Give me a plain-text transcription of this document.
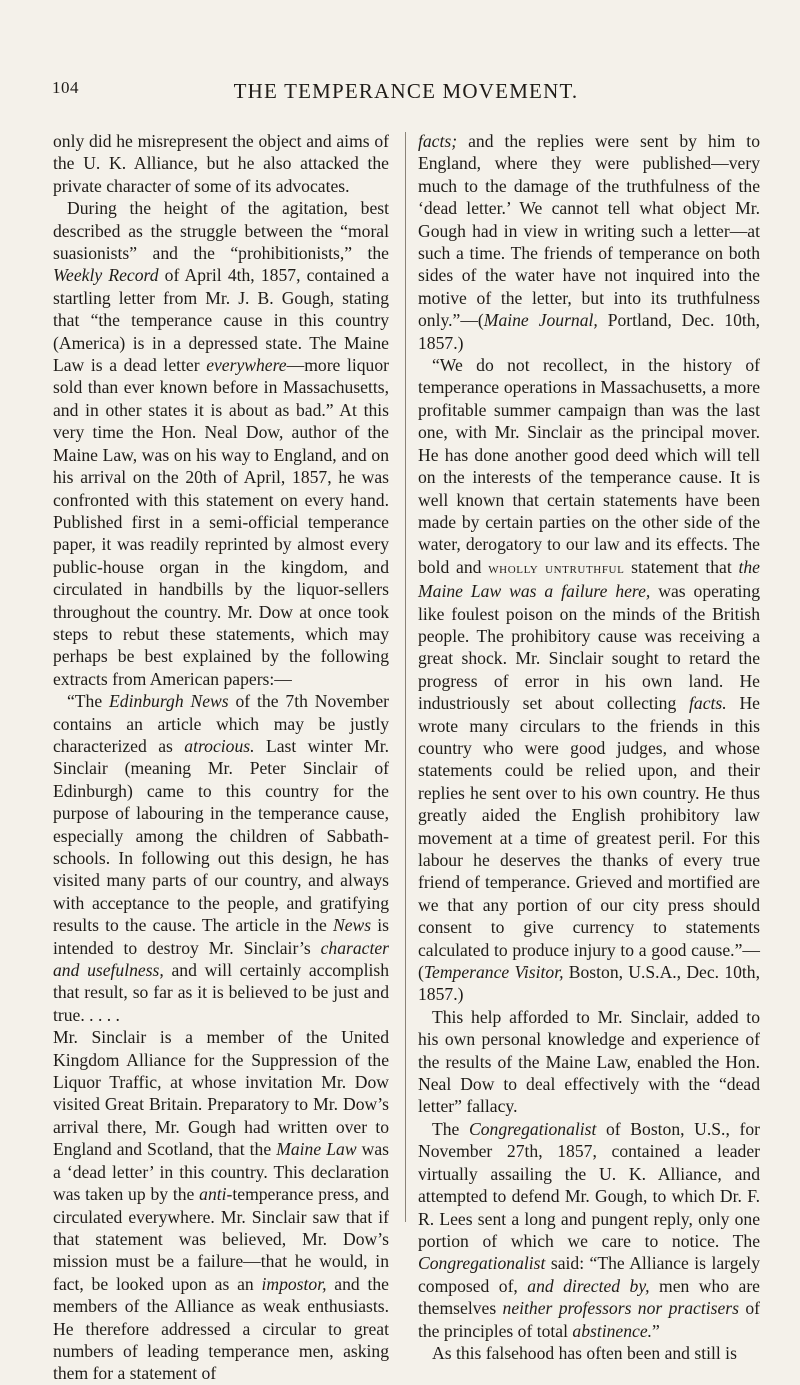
104	THE TEMPERANCE MOVEMENT.

only did he misrepresent the object and aims of the U. K. Alliance, but he also attacked the private character of some of its advocates.

During the height of the agitation, best described as the struggle between the “moral suasionists” and the “prohibitionists,” the Weekly Record of April 4th, 1857, contained a startling letter from Mr. J. B. Gough, stating that “the temperance cause in this country (America) is in a depressed state. The Maine Law is a dead letter everywhere—more liquor sold than ever known before in Massachusetts, and in other states it is about as bad.” At this very time the Hon. Neal Dow, author of the Maine Law, was on his way to England, and on his arrival on the 20th of April, 1857, he was confronted with this statement on every hand. Published first in a semi-official temperance paper, it was readily reprinted by almost every public-house organ in the kingdom, and circulated in handbills by the liquor-sellers throughout the country. Mr. Dow at once took steps to rebut these statements, which may perhaps be best explained by the following extracts from American papers:—

“The Edinburgh News of the 7th November contains an article which may be justly characterized as atrocious. Last winter Mr. Sinclair (meaning Mr. Peter Sinclair of Edinburgh) came to this country for the purpose of labouring in the temperance cause, especially among the children of Sabbath-schools. In following out this design, he has visited many parts of our country, and always with acceptance to the people, and gratifying results to the cause. The article in the News is intended to destroy Mr. Sinclair’s character and usefulness, and will certainly accomplish that result, so far as it is believed to be just and true. . . . .

Mr. Sinclair is a member of the United Kingdom Alliance for the Suppression of the Liquor Traffic, at whose invitation Mr. Dow visited Great Britain. Preparatory to Mr. Dow’s arrival there, Mr. Gough had written over to England and Scotland, that the Maine Law was a ‘dead letter’ in this country. This declaration was taken up by the anti-temperance press, and circulated everywhere. Mr. Sinclair saw that if that statement was believed, Mr. Dow’s mission must be a failure—that he would, in fact, be looked upon as an impostor, and the members of the Alliance as weak enthusiasts. He therefore addressed a circular to great numbers of leading temperance men, asking them for a statement of

facts; and the replies were sent by him to England, where they were published—very much to the damage of the truthfulness of the ‘dead letter.’ We cannot tell what object Mr. Gough had in view in writing such a letter—at such a time. The friends of temperance on both sides of the water have not inquired into the motive of the letter, but into its truthfulness only.”—(Maine Journal, Portland, Dec. 10th, 1857.)

“We do not recollect, in the history of temperance operations in Massachusetts, a more profitable summer campaign than was the last one, with Mr. Sinclair as the principal mover. He has done another good deed which will tell on the interests of the temperance cause. It is well known that certain statements have been made by certain parties on the other side of the water, derogatory to our law and its effects. The bold and wholly untruthful statement that the Maine Law was a failure here, was operating like foulest poison on the minds of the British people. The prohibitory cause was receiving a great shock. Mr. Sinclair sought to retard the progress of error in his own land. He industriously set about collecting facts. He wrote many circulars to the friends in this country who were good judges, and whose statements could be relied upon, and their replies he sent over to his own country. He thus greatly aided the English prohibitory law movement at a time of greatest peril. For this labour he deserves the thanks of every true friend of temperance. Grieved and mortified are we that any portion of our city press should consent to give currency to statements calculated to produce injury to a good cause.”—(Temperance Visitor, Boston, U.S.A., Dec. 10th, 1857.)

This help afforded to Mr. Sinclair, added to his own personal knowledge and experience of the results of the Maine Law, enabled the Hon. Neal Dow to deal effectively with the “dead letter” fallacy.

The Congregationalist of Boston, U.S., for November 27th, 1857, contained a leader virtually assailing the U. K. Alliance, and attempted to defend Mr. Gough, to which Dr. F. R. Lees sent a long and pungent reply, only one portion of which we care to notice. The Congregationalist said: “The Alliance is largely composed of, and directed by, men who are themselves neither professors nor practisers of the principles of total abstinence.”

As this falsehood has often been and still is
